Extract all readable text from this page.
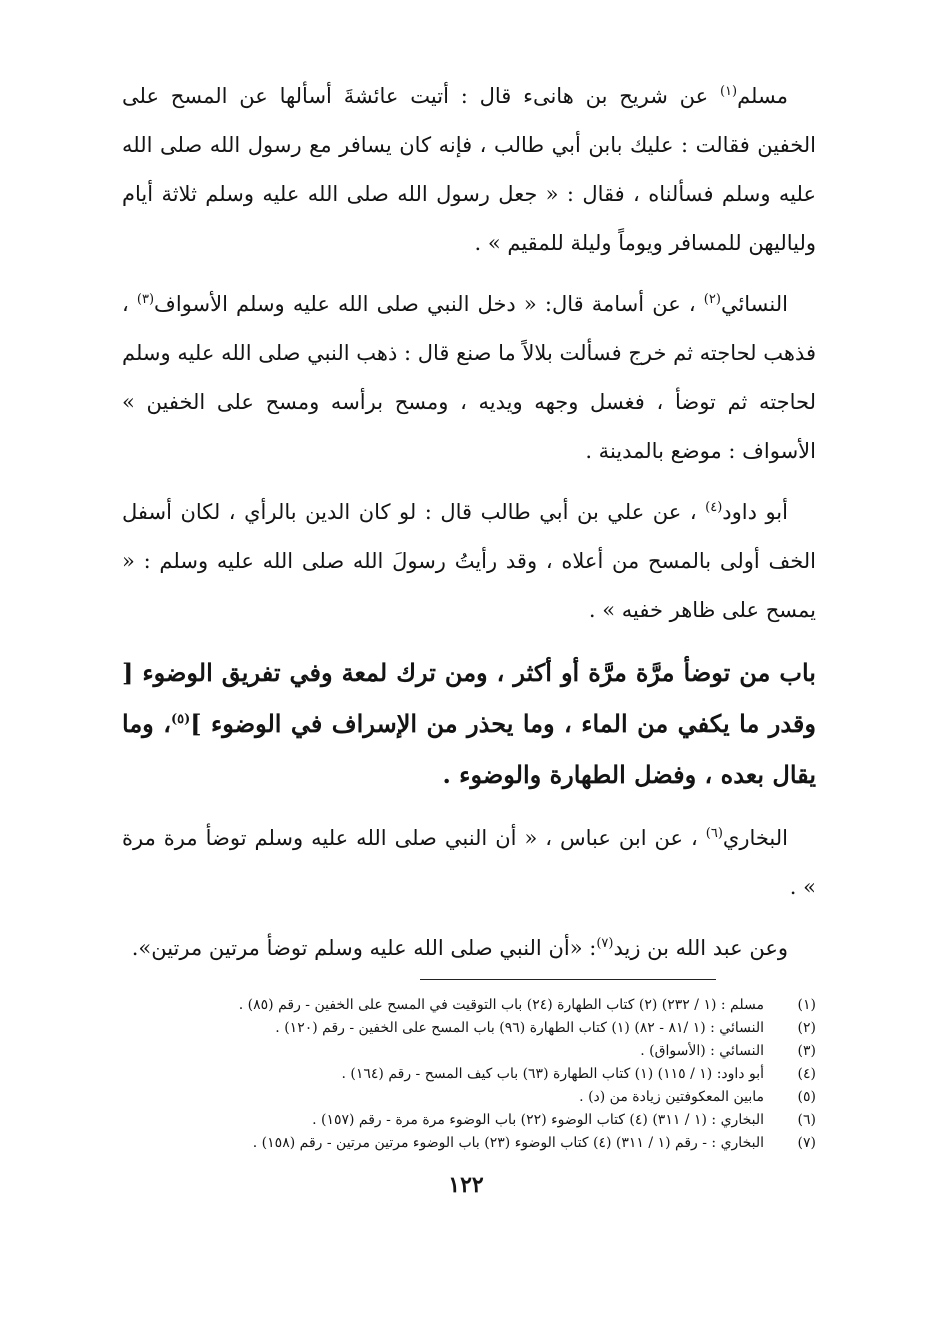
مسلم$^{(١)}$ عن شريح بن هانىء قال : أتيت عائشةَ أسألها عن المسح على الخفين فقالت : عليك بابن أبي طالب ، فإنه كان يسافر مع رسول الله صلى الله عليه وسلم فسألناه ، فقال : « جعل رسول الله صلى الله عليه وسلم ثلاثة أيام ولياليهن للمسافر ويوماً وليلة للمقيم » .

النسائي$^{(٢)}$ ، عن أسامة قال: « دخل النبي صلى الله عليه وسلم الأسواف$^{(٣)}$ ، فذهب لحاجته ثم خرج فسألت بلالاً ما صنع قال : ذهب النبي صلى الله عليه وسلم لحاجته ثم توضأ ، فغسل وجهه ويديه ، ومسح برأسه ومسح على الخفين » الأسواف : موضع بالمدينة .

أبو داود$^{(٤)}$ ، عن علي بن أبي طالب قال : لو كان الدين بالرأي ، لكان أسفل الخف أولى بالمسح من أعلاه ، وقد رأيتُ رسولَ الله صلى الله عليه وسلم : « يمسح على ظاهر خفيه » .

باب من توضأ مرَّة مرَّة أو أكثر ، ومن ترك لمعة وفي تفريق الوضوء [ وقدر ما يكفي من الماء ، وما يحذر من الإسراف في الوضوء ]$^{(٥)}$، وما يقال بعده ، وفضل الطهارة والوضوء .

البخاري$^{(٦)}$ ، عن ابن عباس ، « أن النبي صلى الله عليه وسلم توضأ مرة مرة » .

وعن عبد الله بن زيد$^{(٧)}$: «أن النبي صلى الله عليه وسلم توضأ مرتين مرتين».

(١)
مسلم : (١ / ٢٣٢) (٢) كتاب الطهارة (٢٤) باب التوقيت في المسح على الخفين - رقم (٨٥) .
(٢)
النسائي : (١ /٨١ - ٨٢) (١) كتاب الطهارة (٩٦) باب المسح على الخفين - رقم (١٢٠) .
(٣)
النسائي : (الأسواق) .
(٤)
أبو داود: (١ / ١١٥) (١) كتاب الطهارة (٦٣) باب كيف المسح - رقم (١٦٤) .
(٥)
مابين المعكوفتين زيادة من (د) .
(٦)
البخاري : (١ / ٣١١) (٤) كتاب الوضوء (٢٢) باب الوضوء مرة مرة - رقم (١٥٧) .
(٧)
البخاري : - رقم (١ / ٣١١) (٤) كتاب الوضوء (٢٣) باب الوضوء مرتين مرتين - رقم (١٥٨) .
١٢٢
